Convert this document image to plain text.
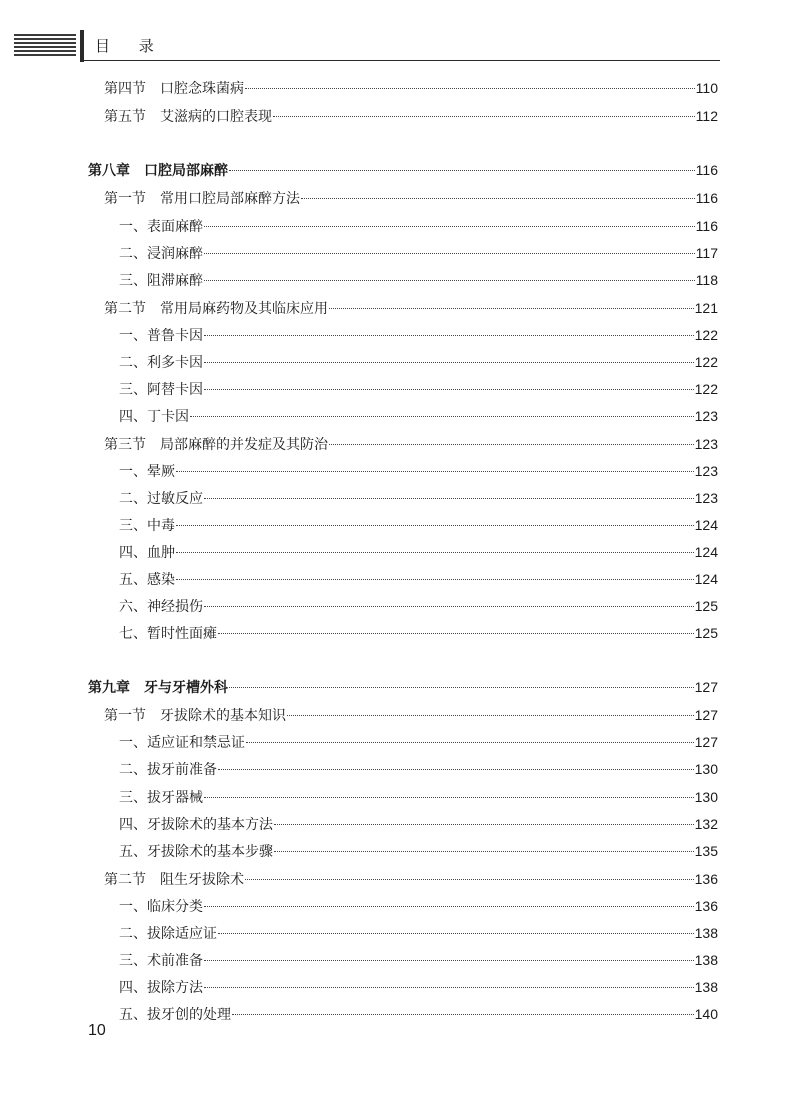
目 录
第四节　口腔念珠菌病	110
第五节　艾滋病的口腔表现	112
第八章　口腔局部麻醉	116
第一节　常用口腔局部麻醉方法	116
一、表面麻醉	116
二、浸润麻醉	117
三、阻滞麻醉	118
第二节　常用局麻药物及其临床应用	121
一、普鲁卡因	122
二、利多卡因	122
三、阿替卡因	122
四、丁卡因	123
第三节　局部麻醉的并发症及其防治	123
一、晕厥	123
二、过敏反应	123
三、中毒	124
四、血肿	124
五、感染	124
六、神经损伤	125
七、暂时性面瘫	125
第九章　牙与牙槽外科	127
第一节　牙拔除术的基本知识	127
一、适应证和禁忌证	127
二、拔牙前准备	130
三、拔牙器械	130
四、牙拔除术的基本方法	132
五、牙拔除术的基本步骤	135
第二节　阻生牙拔除术	136
一、临床分类	136
二、拔除适应证	138
三、术前准备	138
四、拔除方法	138
五、拔牙创的处理	140
10
